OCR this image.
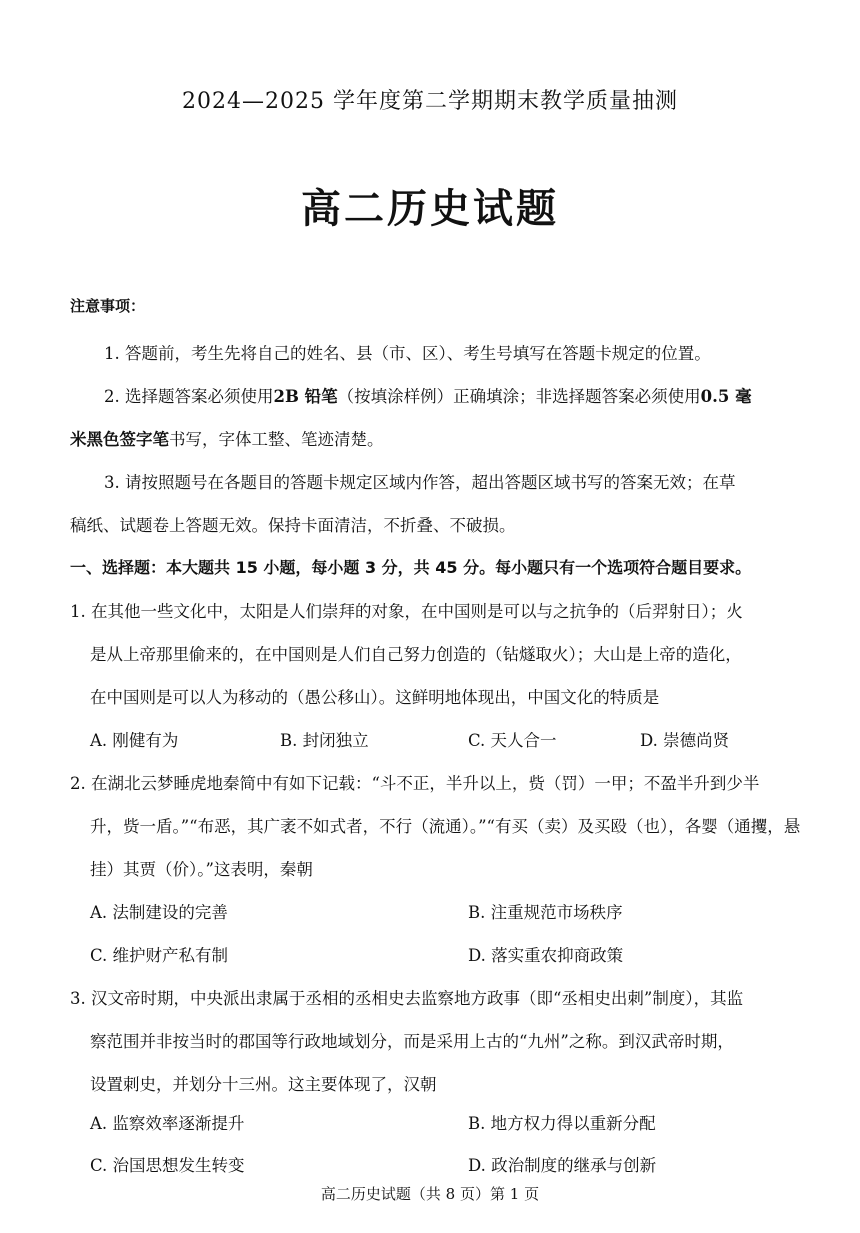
2024—2025 学年度第二学期期末教学质量抽测
高二历史试题
注意事项：
1. 答题前，考生先将自己的姓名、县（市、区）、考生号填写在答题卡规定的位置。
2. 选择题答案必须使用2B 铅笔（按填涂样例）正确填涂；非选择题答案必须使用0.5 毫
米黑色签字笔书写，字体工整、笔迹清楚。
3. 请按照题号在各题目的答题卡规定区域内作答，超出答题区域书写的答案无效；在草
稿纸、试题卷上答题无效。保持卡面清洁，不折叠、不破损。
一、选择题：本大题共 15 小题，每小题 3 分，共 45 分。每小题只有一个选项符合题目要求。
1. 在其他一些文化中，太阳是人们崇拜的对象，在中国则是可以与之抗争的（后羿射日）；火
是从上帝那里偷来的，在中国则是人们自己努力创造的（钻燧取火）；大山是上帝的造化，
在中国则是可以人为移动的（愚公移山）。这鲜明地体现出，中国文化的特质是
A. 刚健有为	B. 封闭独立	C. 天人合一	D. 崇德尚贤
2. 在湖北云梦睡虎地秦简中有如下记载：“斗不正，半升以上，赀（罚）一甲；不盈半升到少半
升，赀一盾。”“布恶，其广袤不如式者，不行（流通）。”“有买（卖）及买殴（也），各婴（通攫，悬
挂）其贾（价）。”这表明，秦朝
A. 法制建设的完善	B. 注重规范市场秩序
C. 维护财产私有制	D. 落实重农抑商政策
3. 汉文帝时期，中央派出隶属于丞相的丞相史去监察地方政事（即“丞相史出刺”制度），其监
察范围并非按当时的郡国等行政地域划分，而是采用上古的“九州”之称。到汉武帝时期，
设置刺史，并划分十三州。这主要体现了，汉朝
A. 监察效率逐渐提升	B. 地方权力得以重新分配
C. 治国思想发生转变	D. 政治制度的继承与创新
高二历史试题（共 8 页）第 1 页
